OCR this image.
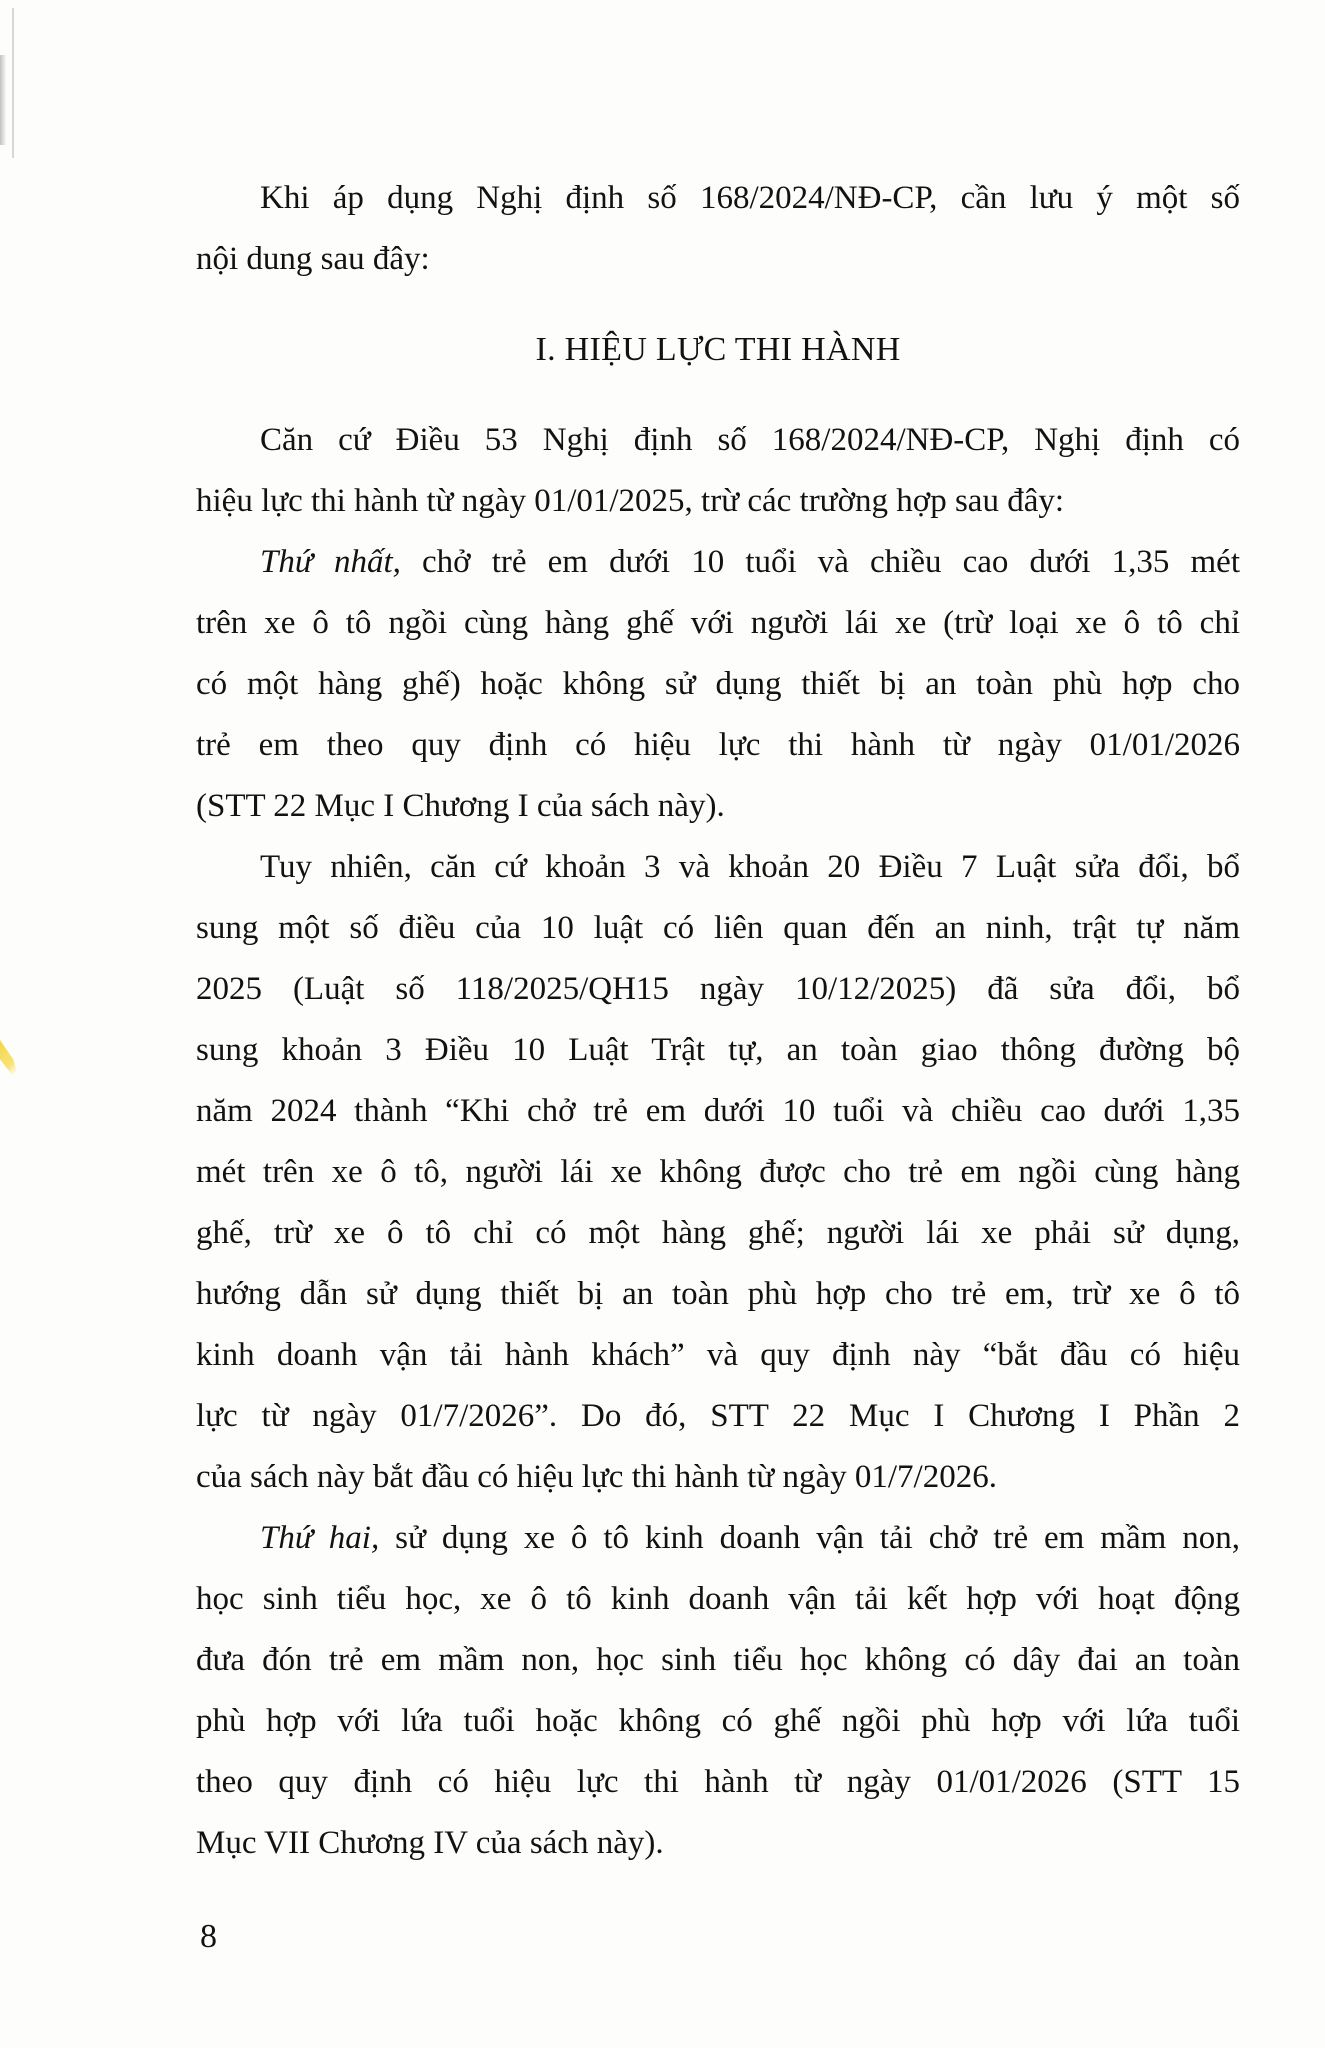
Khi áp dụng Nghị định số 168/2024/NĐ-CP, cần lưu ý một số
nội dung sau đây:
I. HIỆU LỰC THI HÀNH
Căn cứ Điều 53 Nghị định số 168/2024/NĐ-CP, Nghị định có
hiệu lực thi hành từ ngày 01/01/2025, trừ các trường hợp sau đây:
Thứ nhất, chở trẻ em dưới 10 tuổi và chiều cao dưới 1,35 mét
trên xe ô tô ngồi cùng hàng ghế với người lái xe (trừ loại xe ô tô chỉ
có một hàng ghế) hoặc không sử dụng thiết bị an toàn phù hợp cho
trẻ em theo quy định có hiệu lực thi hành từ ngày 01/01/2026
(STT 22 Mục I Chương I của sách này).
Tuy nhiên, căn cứ khoản 3 và khoản 20 Điều 7 Luật sửa đổi, bổ
sung một số điều của 10 luật có liên quan đến an ninh, trật tự năm
2025 (Luật số 118/2025/QH15 ngày 10/12/2025) đã sửa đổi, bổ
sung khoản 3 Điều 10 Luật Trật tự, an toàn giao thông đường bộ
năm 2024 thành “Khi chở trẻ em dưới 10 tuổi và chiều cao dưới 1,35
mét trên xe ô tô, người lái xe không được cho trẻ em ngồi cùng hàng
ghế, trừ xe ô tô chỉ có một hàng ghế; người lái xe phải sử dụng,
hướng dẫn sử dụng thiết bị an toàn phù hợp cho trẻ em, trừ xe ô tô
kinh doanh vận tải hành khách” và quy định này “bắt đầu có hiệu
lực từ ngày 01/7/2026”. Do đó, STT 22 Mục I Chương I Phần 2
của sách này bắt đầu có hiệu lực thi hành từ ngày 01/7/2026.
Thứ hai, sử dụng xe ô tô kinh doanh vận tải chở trẻ em mầm non,
học sinh tiểu học, xe ô tô kinh doanh vận tải kết hợp với hoạt động
đưa đón trẻ em mầm non, học sinh tiểu học không có dây đai an toàn
phù hợp với lứa tuổi hoặc không có ghế ngồi phù hợp với lứa tuổi
theo quy định có hiệu lực thi hành từ ngày 01/01/2026 (STT 15
Mục VII Chương IV của sách này).
8
